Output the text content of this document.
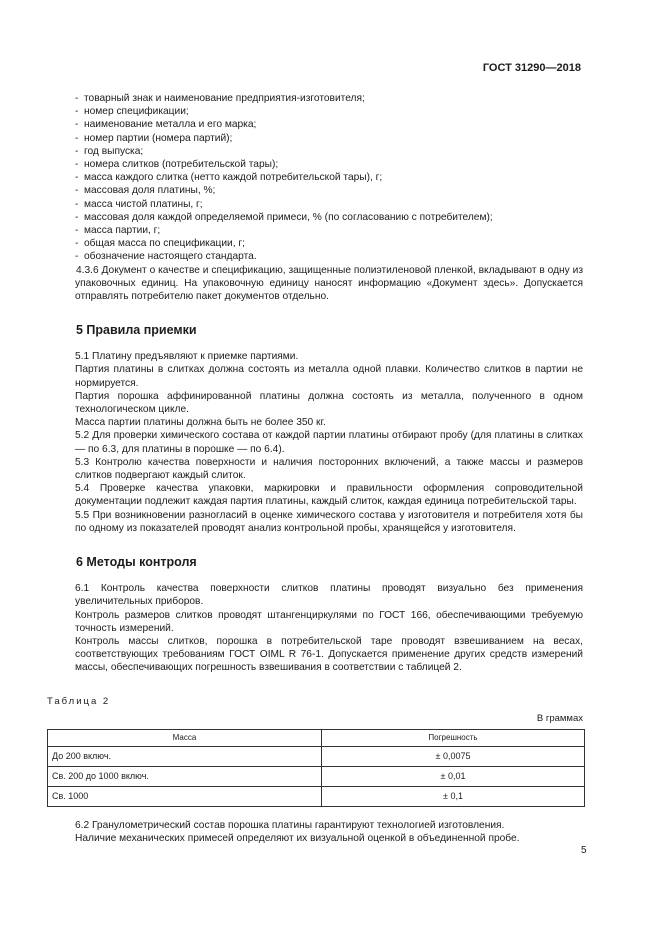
ГОСТ 31290—2018
- товарный знак и наименование предприятия-изготовителя;
- номер спецификации;
- наименование металла и его марка;
- номер партии (номера партий);
- год выпуска;
- номера слитков (потребительской тары);
- масса каждого слитка (нетто каждой потребительской тары), г;
- массовая доля платины, %;
- масса чистой платины, г;
- массовая доля каждой определяемой примеси, % (по согласованию с потребителем);
- масса партии, г;
- общая масса по спецификации, г;
- обозначение настоящего стандарта.

4.3.6 Документ о качестве и спецификацию, защищенные полиэтиленовой пленкой, вкладывают в одну из упаковочных единиц. На упаковочную единицу наносят информацию «Документ здесь». Допускается отправлять потребителю пакет документов отдельно.

5 Правила приемки

5.1 Платину предъявляют к приемке партиями.

Партия платины в слитках должна состоять из металла одной плавки. Количество слитков в партии не нормируется.

Партия порошка аффинированной платины должна состоять из металла, полученного в одном технологическом цикле.

Масса партии платины должна быть не более 350 кг.

5.2 Для проверки химического состава от каждой партии платины отбирают пробу (для платины в слитках — по 6.3, для платины в порошке — по 6.4).

5.3 Контролю качества поверхности и наличия посторонних включений, а также массы и размеров слитков подвергают каждый слиток.

5.4 Проверке качества упаковки, маркировки и правильности оформления сопроводительной документации подлежит каждая партия платины, каждый слиток, каждая единица потребительской тары.

5.5 При возникновении разногласий в оценке химического состава у изготовителя и потребителя хотя бы по одному из показателей проводят анализ контрольной пробы, хранящейся у изготовителя.

6 Методы контроля

6.1 Контроль качества поверхности слитков платины проводят визуально без применения увеличительных приборов.

Контроль размеров слитков проводят штангенциркулями по ГОСТ 166, обеспечивающими требуемую точность измерений.

Контроль массы слитков, порошка в потребительской таре проводят взвешиванием на весах, соответствующих требованиям ГОСТ OIML R 76-1. Допускается применение других средств измерений массы, обеспечивающих погрешность взвешивания в соответствии с таблицей 2.

Таблица 2
В граммах
Масса	Погрешность
До 200 включ.	± 0,0075
Св. 200 до 1000 включ.	± 0,01
Св. 1000	± 0,1

6.2 Гранулометрический состав порошка платины гарантируют технологией изготовления.

Наличие механических примесей определяют их визуальной оценкой в объединенной пробе.

5
